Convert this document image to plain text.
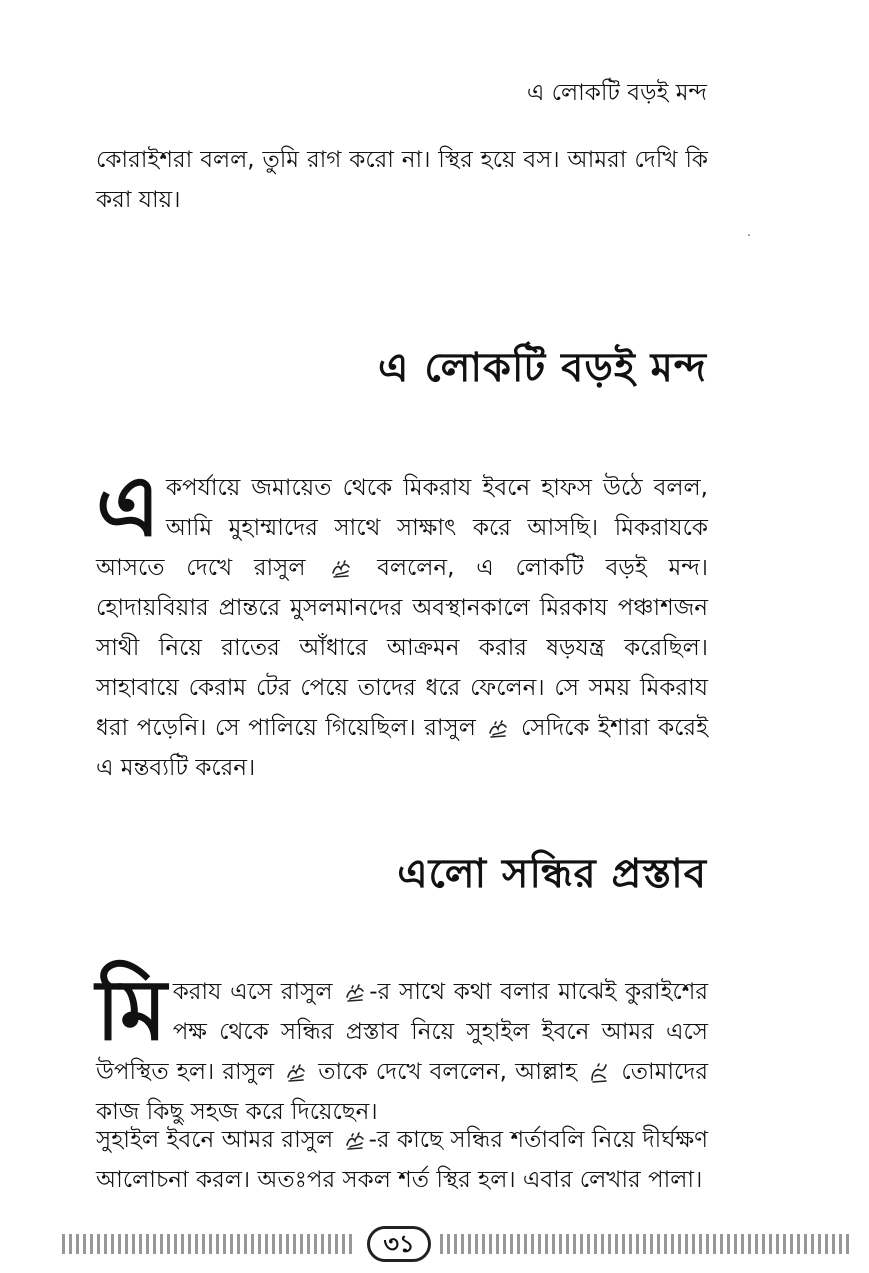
এ লোকটি বড়ই মন্দ

কোরাইশরা বলল, তুমি রাগ করো না। স্থির হয়ে বস। আমরা দেখি কি করা যায়।

এ লোকটি বড়ই মন্দ

একপর্যায়ে জমায়েত থেকে মিকরায ইবনে হাফস উঠে বলল, আমি মুহাম্মাদের সাথে সাক্ষাৎ করে আসছি। মিকরাযকে আসতে দেখে রাসুল	বললেন, এ লোকটি বড়ই মন্দ। হোদায়বিয়ার প্রান্তরে মুসলমানদের অবস্থানকালে মিরকায পঞ্চাশজন সাথী নিয়ে রাতের আঁধারে আক্রমন করার ষড়যন্ত্র করেছিল। সাহাবায়ে কেরাম টের পেয়ে তাদের ধরে ফেলেন। সে সময় মিকরায ধরা পড়েনি। সে পালিয়ে গিয়েছিল। রাসুল সেদিকে ইশারা করেই এ মন্তব্যটি করেন।

এলো সন্ধির প্রস্তাব

মিকরায এসে রাসুল -র সাথে কথা বলার মাঝেই কুরাইশের পক্ষ থেকে সন্ধির প্রস্তাব নিয়ে সুহাইল ইবনে আমর এসে উপস্থিত হল। রাসুল তাকে দেখে বললেন, আল্লাহ তোমাদের কাজ কিছু সহজ করে দিয়েছেন।

সুহাইল ইবনে আমর রাসুল -র কাছে সন্ধির শর্তাবলি নিয়ে দীর্ঘক্ষণ আলোচনা করল। অতঃপর সকল শর্ত স্থির হল। এবার লেখার পালা।

৩১
